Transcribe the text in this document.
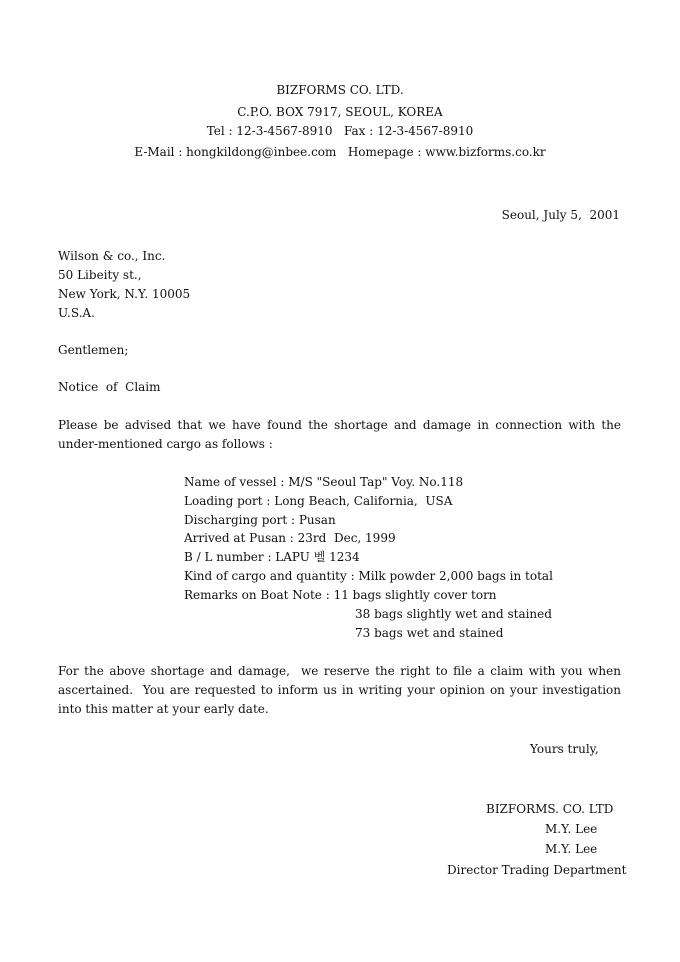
BIZFORMS CO. LTD.
C.P.O. BOX 7917, SEOUL, KOREA
Tel : 12-3-4567-8910   Fax : 12-3-4567-8910
E-Mail : hongkildong@inbee.com   Homepage : www.bizforms.co.kr
Seoul, July 5,  2001
Wilson & co., Inc.
50 Libeity st.,
New York, N.Y. 10005
U.S.A.
Gentlemen;
Notice  of  Claim
Please be advised that we have found the shortage and damage in connection with the
under-mentioned cargo as follows :
Name of vessel : M/S "Seoul Tap" Voy. No.118
Loading port : Long Beach, California,  USA
Discharging port : Pusan
Arrived at Pusan : 23rd  Dec, 1999
B / L number : LAPU 벨 1234
Kind of cargo and quantity : Milk powder 2,000 bags in total
Remarks on Boat Note : 11 bags slightly cover torn
38 bags slightly wet and stained
73 bags wet and stained
For the above shortage and damage,  we reserve the right to file a claim with you when
ascertained.  You are requested to inform us in writing your opinion on your investigation
into this matter at your early date.
Yours truly,
BIZFORMS. CO. LTD
M.Y. Lee
M.Y. Lee
Director Trading Department
